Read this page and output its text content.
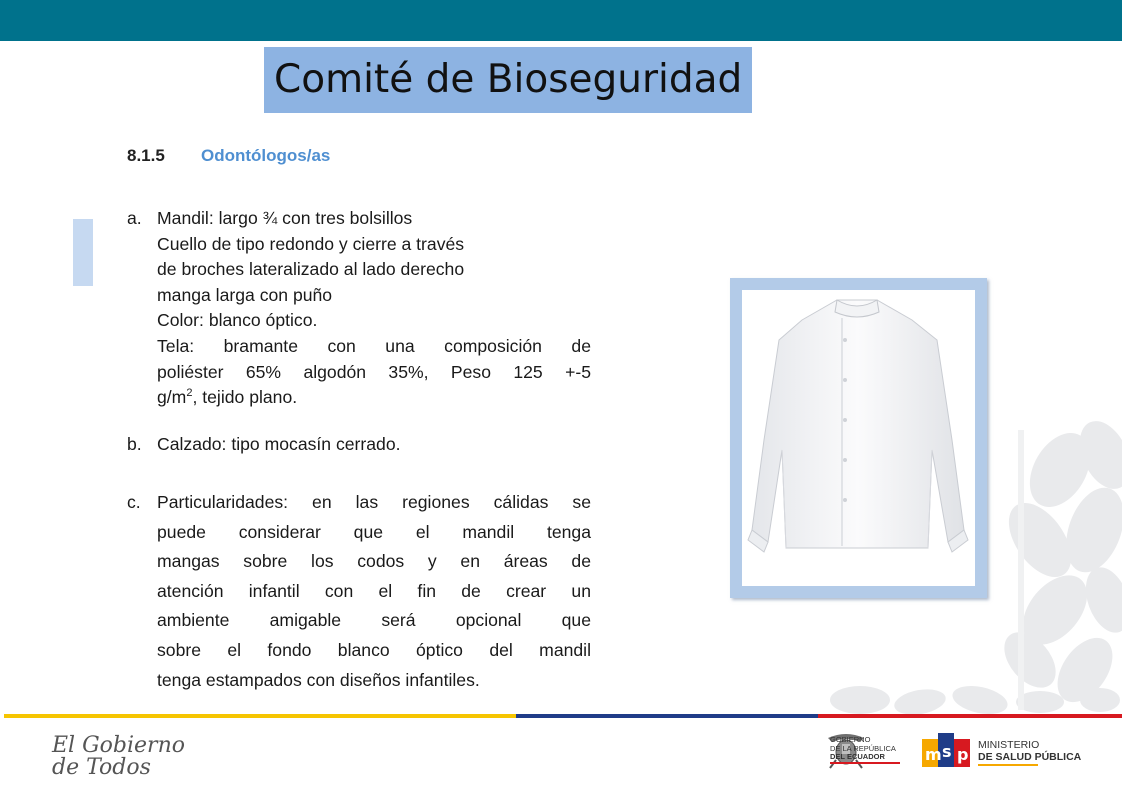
Comité de Bioseguridad
8.1.5 Odontólogos/as
a. Mandil: largo ¾ con tres bolsillos
Cuello de tipo redondo y cierre a través
de broches lateralizado al lado derecho
manga larga con puño
Color: blanco óptico.
Tela: bramante con una composición de
poliéster 65% algodón 35%, Peso 125 +-5
$g/m^2$, tejido plano.
b. Calzado: tipo mocasín cerrado.
c. Particularidades: en las regiones cálidas se
puede considerar que el mandil tenga
mangas sobre los codos y en áreas de
atención infantil con el fin de crear un
ambiente amigable será opcional que
sobre el fondo blanco óptico del mandil
tenga estampados con diseños infantiles.
El Gobierno
de Todos
GOBIERNO
DE LA REPÚBLICA
DEL ECUADOR	m s p MINISTERIO
DE SALUD PÚBLICA
